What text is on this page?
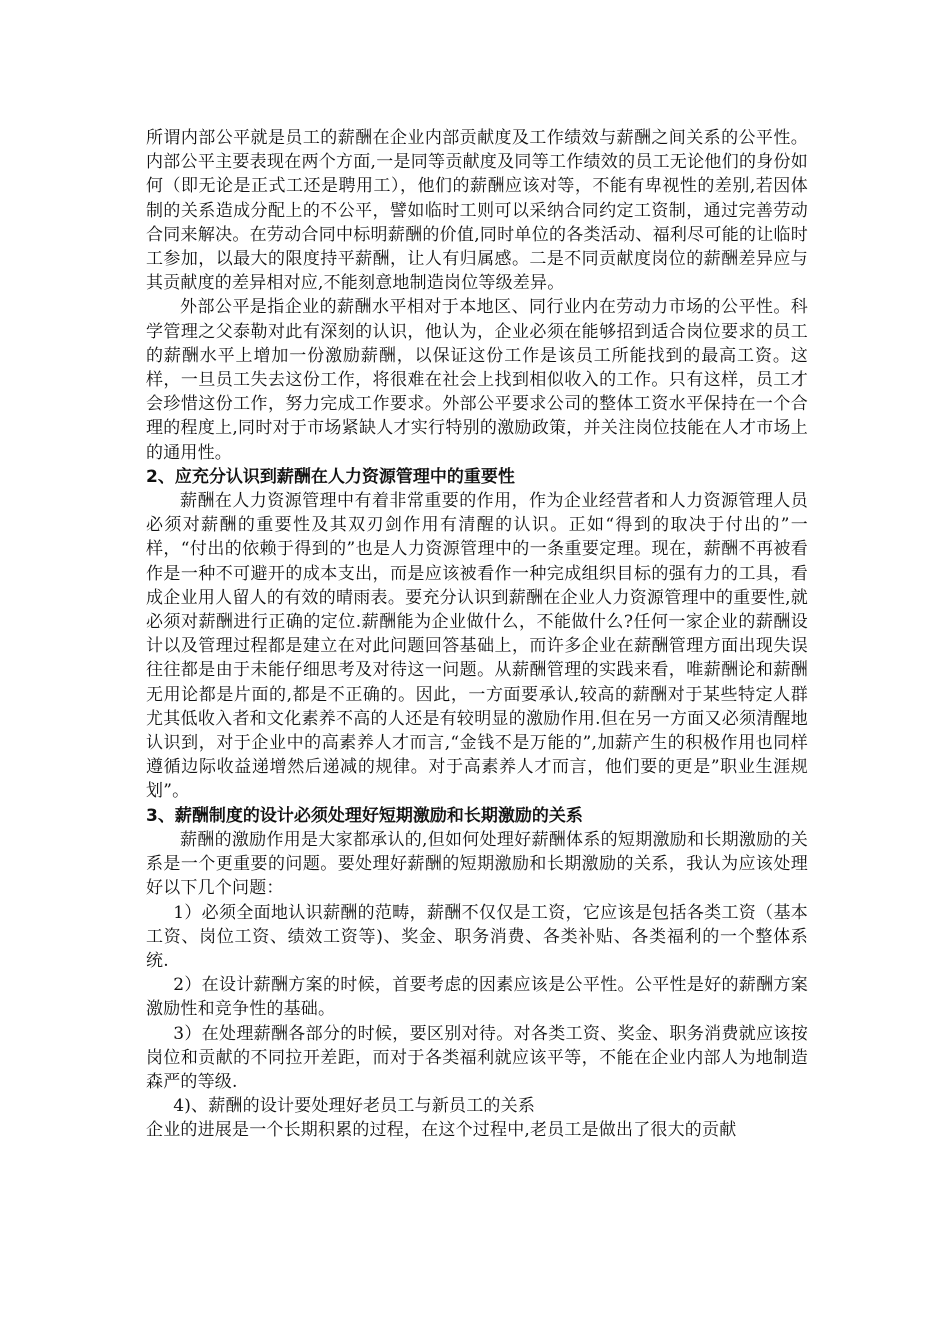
所谓内部公平就是员工的薪酬在企业内部贡献度及工作绩效与薪酬之间关系的公平性。内部公平主要表现在两个方面,一是同等贡献度及同等工作绩效的员工无论他们的身份如何（即无论是正式工还是聘用工），他们的薪酬应该对等，不能有卑视性的差别,若因体制的关系造成分配上的不公平，譬如临时工则可以采纳合同约定工资制，通过完善劳动合同来解决。在劳动合同中标明薪酬的价值,同时单位的各类活动、福利尽可能的让临时工参加，以最大的限度持平薪酬，让人有归属感。二是不同贡献度岗位的薪酬差异应与其贡献度的差异相对应,不能刻意地制造岗位等级差异。

外部公平是指企业的薪酬水平相对于本地区、同行业内在劳动力市场的公平性。科学管理之父泰勒对此有深刻的认识，他认为，企业必须在能够招到适合岗位要求的员工的薪酬水平上增加一份激励薪酬，以保证这份工作是该员工所能找到的最高工资。这样，一旦员工失去这份工作，将很难在社会上找到相似收入的工作。只有这样，员工才会珍惜这份工作，努力完成工作要求。外部公平要求公司的整体工资水平保持在一个合理的程度上,同时对于市场紧缺人才实行特别的激励政策，并关注岗位技能在人才市场上的通用性。

2、应充分认识到薪酬在人力资源管理中的重要性

薪酬在人力资源管理中有着非常重要的作用，作为企业经营者和人力资源管理人员必须对薪酬的重要性及其双刃剑作用有清醒的认识。正如“得到的取决于付出的”一样，“付出的依赖于得到的”也是人力资源管理中的一条重要定理。现在，薪酬不再被看作是一种不可避开的成本支出，而是应该被看作一种完成组织目标的强有力的工具，看成企业用人留人的有效的晴雨表。要充分认识到薪酬在企业人力资源管理中的重要性,就必须对薪酬进行正确的定位.薪酬能为企业做什么，不能做什么?任何一家企业的薪酬设计以及管理过程都是建立在对此问题回答基础上，而许多企业在薪酬管理方面出现失误往往都是由于未能仔细思考及对待这一问题。从薪酬管理的实践来看，唯薪酬论和薪酬无用论都是片面的,都是不正确的。因此，一方面要承认,较高的薪酬对于某些特定人群尤其低收入者和文化素养不高的人还是有较明显的激励作用.但在另一方面又必须清醒地认识到，对于企业中的高素养人才而言,“金钱不是万能的”,加薪产生的积极作用也同样遵循边际收益递增然后递减的规律。对于高素养人才而言，他们要的更是”职业生涯规划”。

3、薪酬制度的设计必须处理好短期激励和长期激励的关系

薪酬的激励作用是大家都承认的,但如何处理好薪酬体系的短期激励和长期激励的关系是一个更重要的问题。要处理好薪酬的短期激励和长期激励的关系，我认为应该处理好以下几个问题：

1）必须全面地认识薪酬的范畴，薪酬不仅仅是工资，它应该是包括各类工资（基本工资、岗位工资、绩效工资等)、奖金、职务消费、各类补贴、各类福利的一个整体系统.

2）在设计薪酬方案的时候，首要考虑的因素应该是公平性。公平性是好的薪酬方案激励性和竞争性的基础。

3）在处理薪酬各部分的时候，要区别对待。对各类工资、奖金、职务消费就应该按岗位和贡献的不同拉开差距，而对于各类福利就应该平等，不能在企业内部人为地制造森严的等级.

4)、薪酬的设计要处理好老员工与新员工的关系

企业的进展是一个长期积累的过程，在这个过程中,老员工是做出了很大的贡献
